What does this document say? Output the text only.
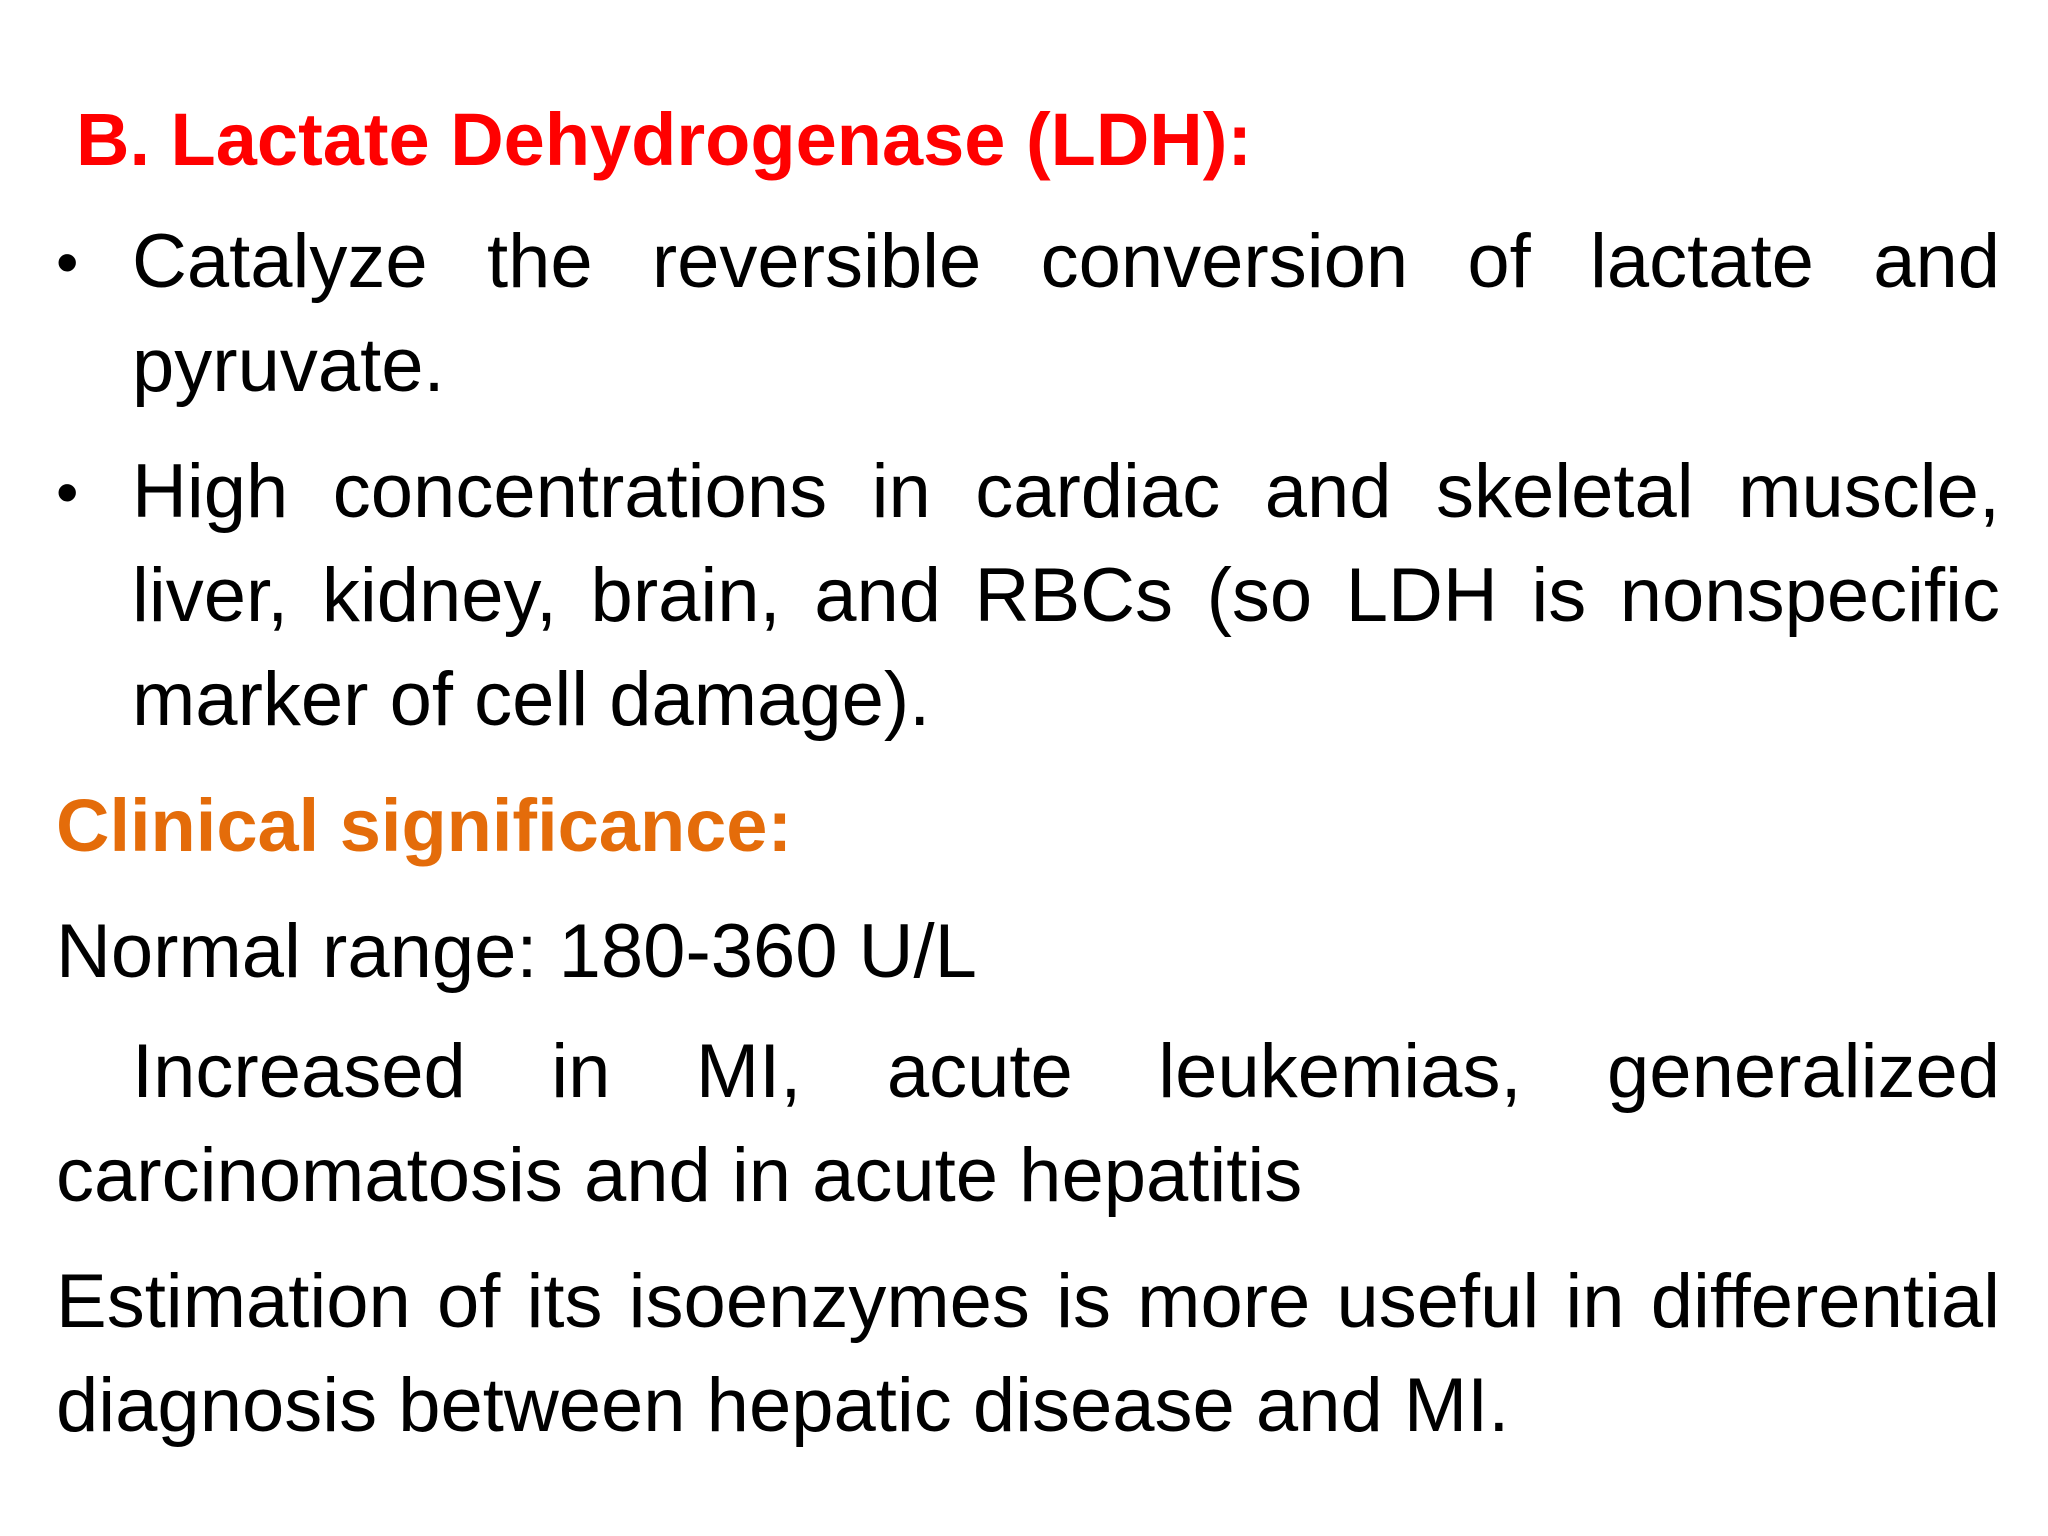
B. Lactate Dehydrogenase (LDH):
• Catalyze the reversible conversion of lactate and pyruvate.
• High concentrations in cardiac and skeletal muscle, liver, kidney, brain, and RBCs (so LDH is nonspecific marker of cell damage).
Clinical significance:
Normal range: 180-360 U/L
Increased in MI, acute leukemias, generalized carcinomatosis and in acute hepatitis
Estimation of its isoenzymes is more useful in differential diagnosis between hepatic disease and MI.
